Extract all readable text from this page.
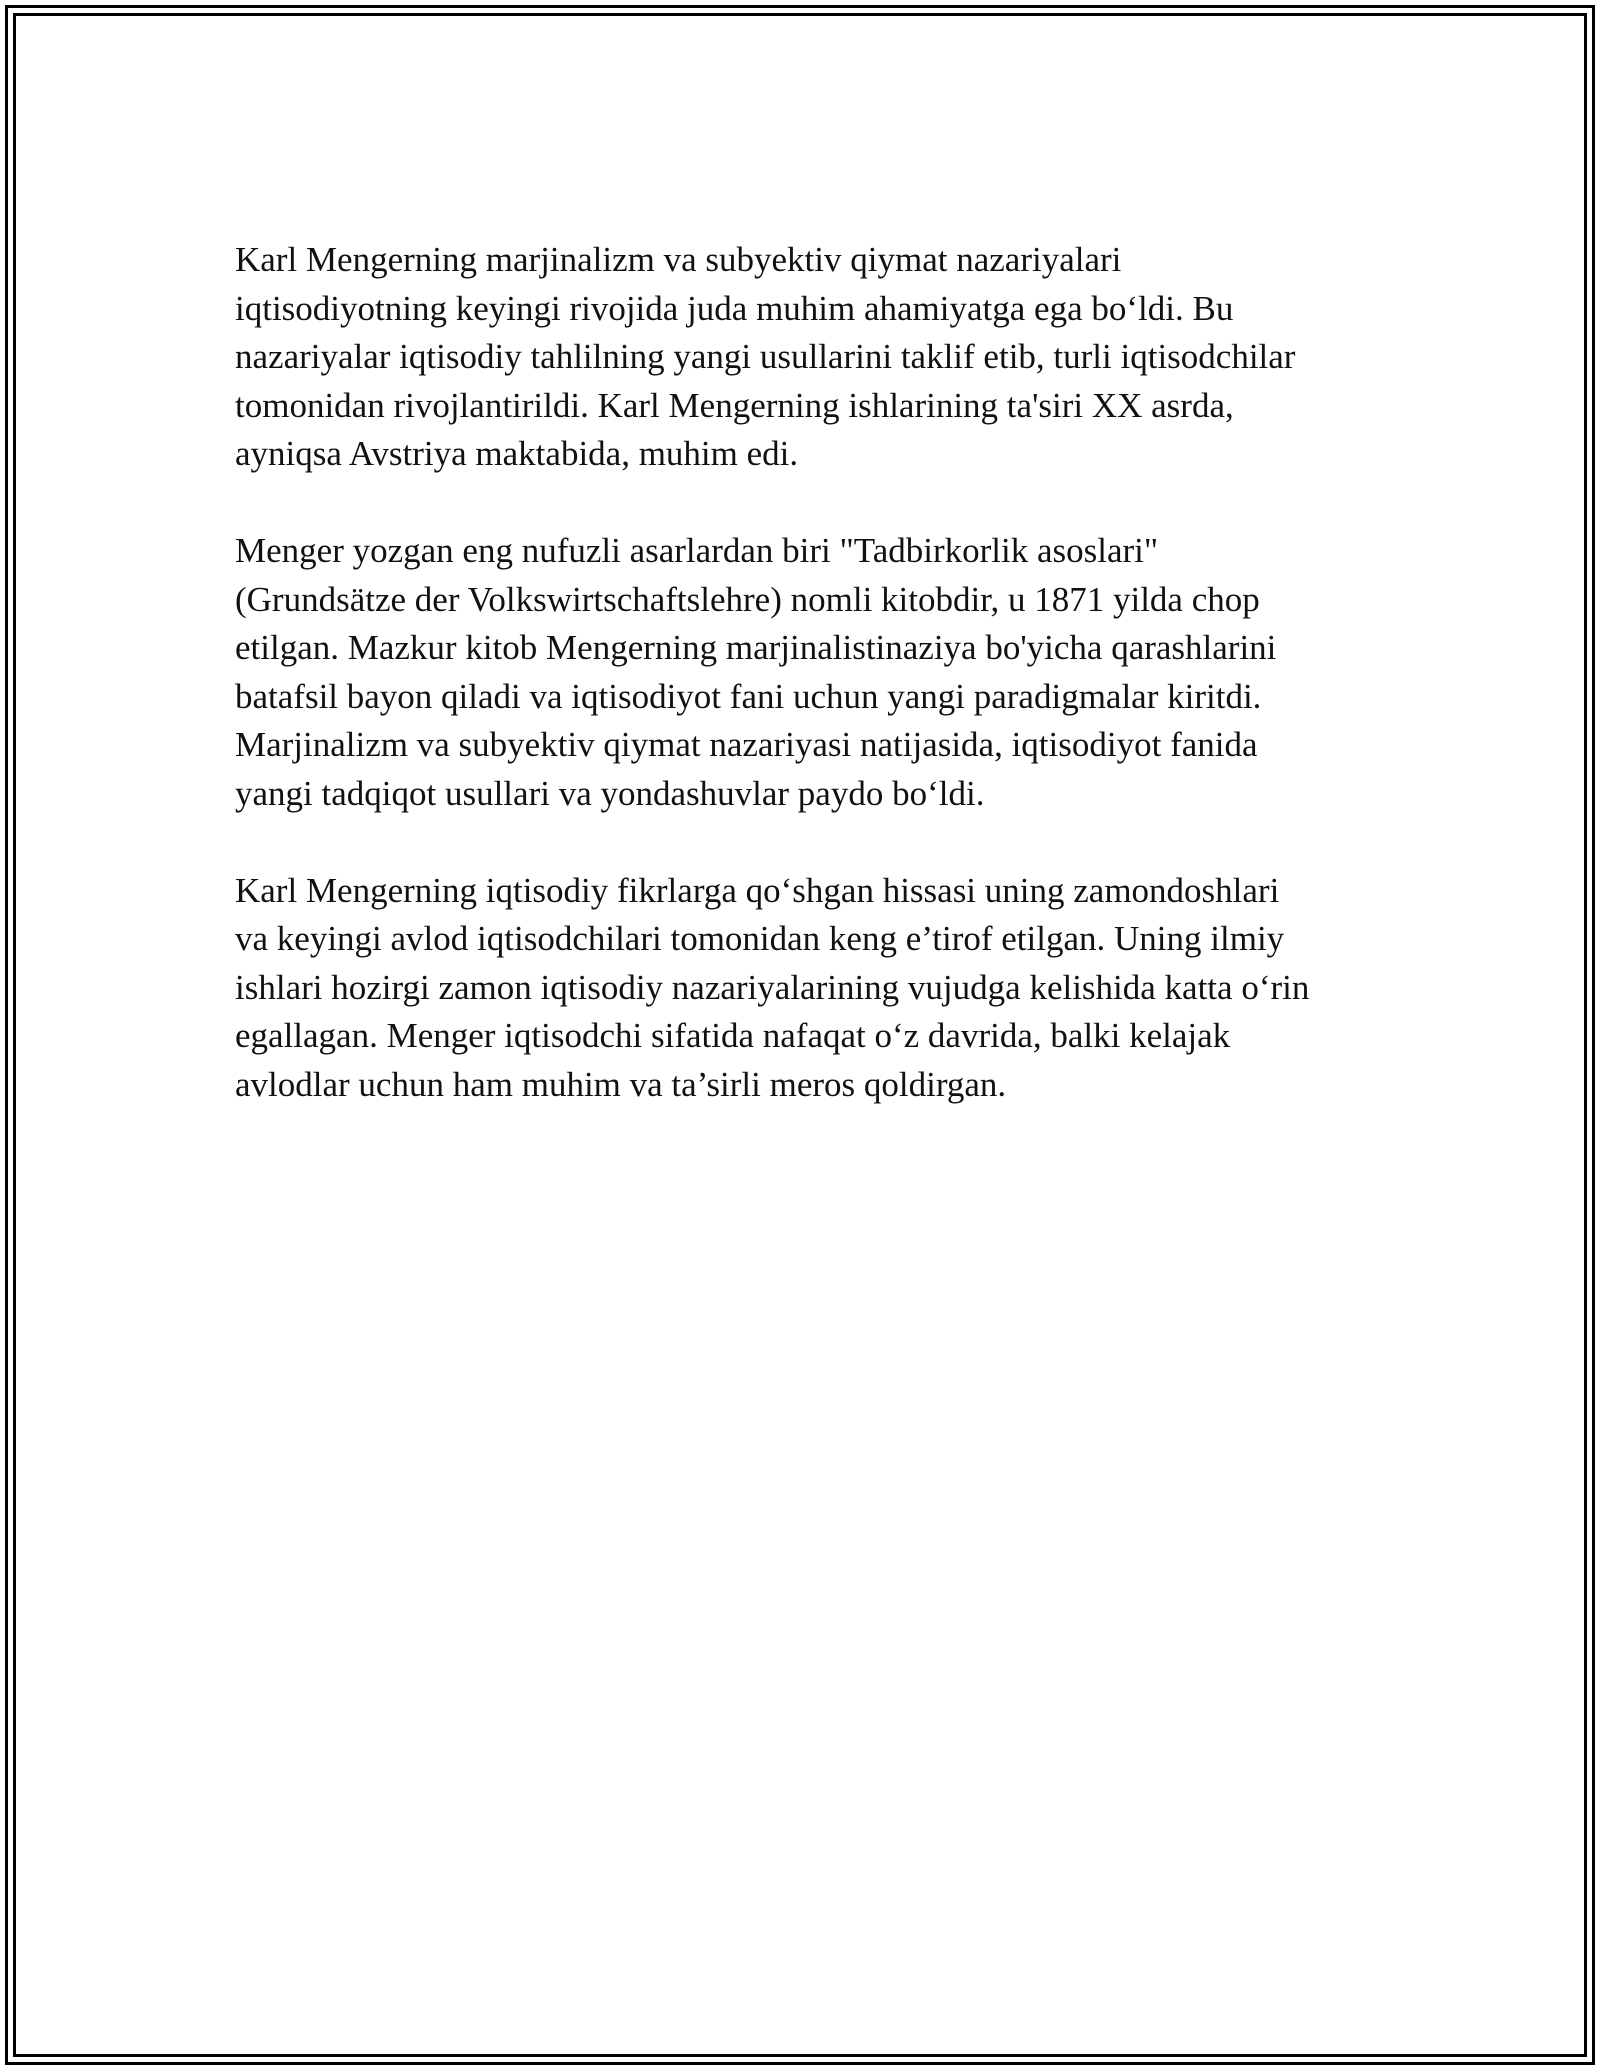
Karl Mengerning marjinalizm va subyektiv qiymat nazariyalari
iqtisodiyotning keyingi rivojida juda muhim ahamiyatga ega bo‘ldi. Bu
nazariyalar iqtisodiy tahlilning yangi usullarini taklif etib, turli iqtisodchilar
tomonidan rivojlantirildi. Karl Mengerning ishlarining ta'siri XX asrda,
ayniqsa Avstriya maktabida, muhim edi.

Menger yozgan eng nufuzli asarlardan biri "Tadbirkorlik asoslari"
(Grundsätze der Volkswirtschaftslehre) nomli kitobdir, u 1871 yilda chop
etilgan. Mazkur kitob Mengerning marjinalistinaziya bo'yicha qarashlarini
batafsil bayon qiladi va iqtisodiyot fani uchun yangi paradigmalar kiritdi.
Marjinalizm va subyektiv qiymat nazariyasi natijasida, iqtisodiyot fanida
yangi tadqiqot usullari va yondashuvlar paydo bo‘ldi.

Karl Mengerning iqtisodiy fikrlarga qo‘shgan hissasi uning zamondoshlari
va keyingi avlod iqtisodchilari tomonidan keng e’tirof etilgan. Uning ilmiy
ishlari hozirgi zamon iqtisodiy nazariyalarining vujudga kelishida katta o‘rin
egallagan. Menger iqtisodchi sifatida nafaqat o‘z davrida, balki kelajak
avlodlar uchun ham muhim va ta’sirli meros qoldirgan.
